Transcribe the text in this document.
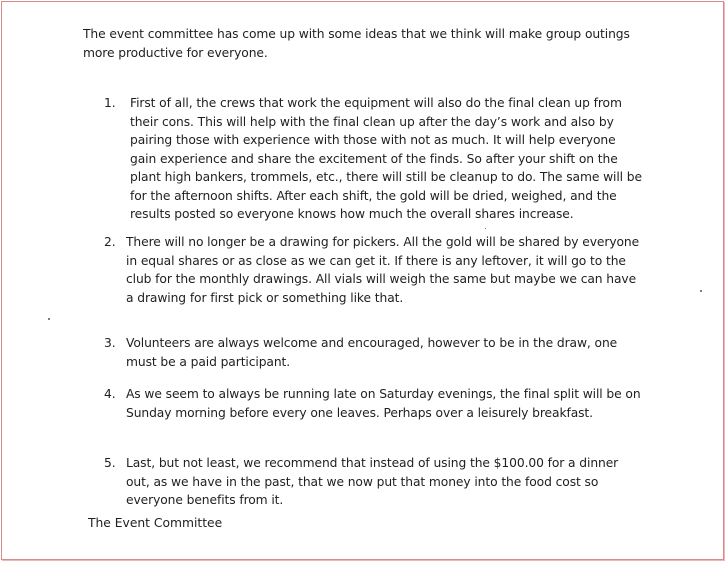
The event committee has come up with some ideas that we think will make group outings more productive for everyone.

1.	First of all, the crews that work the equipment will also do the final clean up from their cons. This will help with the final clean up after the day’s work and also by pairing those with experience with those with not as much. It will help everyone gain experience and share the excitement of the finds. So after your shift on the plant high bankers, trommels, etc., there will still be cleanup to do. The same will be for the afternoon shifts. After each shift, the gold will be dried, weighed, and the results posted so everyone knows how much the overall shares increase.
2. There will no longer be a drawing for pickers. All the gold will be shared by everyone in equal shares or as close as we can get it. If there is any leftover, it will go to the club for the monthly drawings. All vials will weigh the same but maybe we can have a drawing for first pick or something like that.
3. Volunteers are always welcome and encouraged, however to be in the draw, one must be a paid participant.
4. As we seem to always be running late on Saturday evenings, the final split will be on Sunday morning before every one leaves. Perhaps over a leisurely breakfast.
5. Last, but not least, we recommend that instead of using the $100.00 for a dinner out, as we have in the past, that we now put that money into the food cost so everyone benefits from it.
The Event Committee
